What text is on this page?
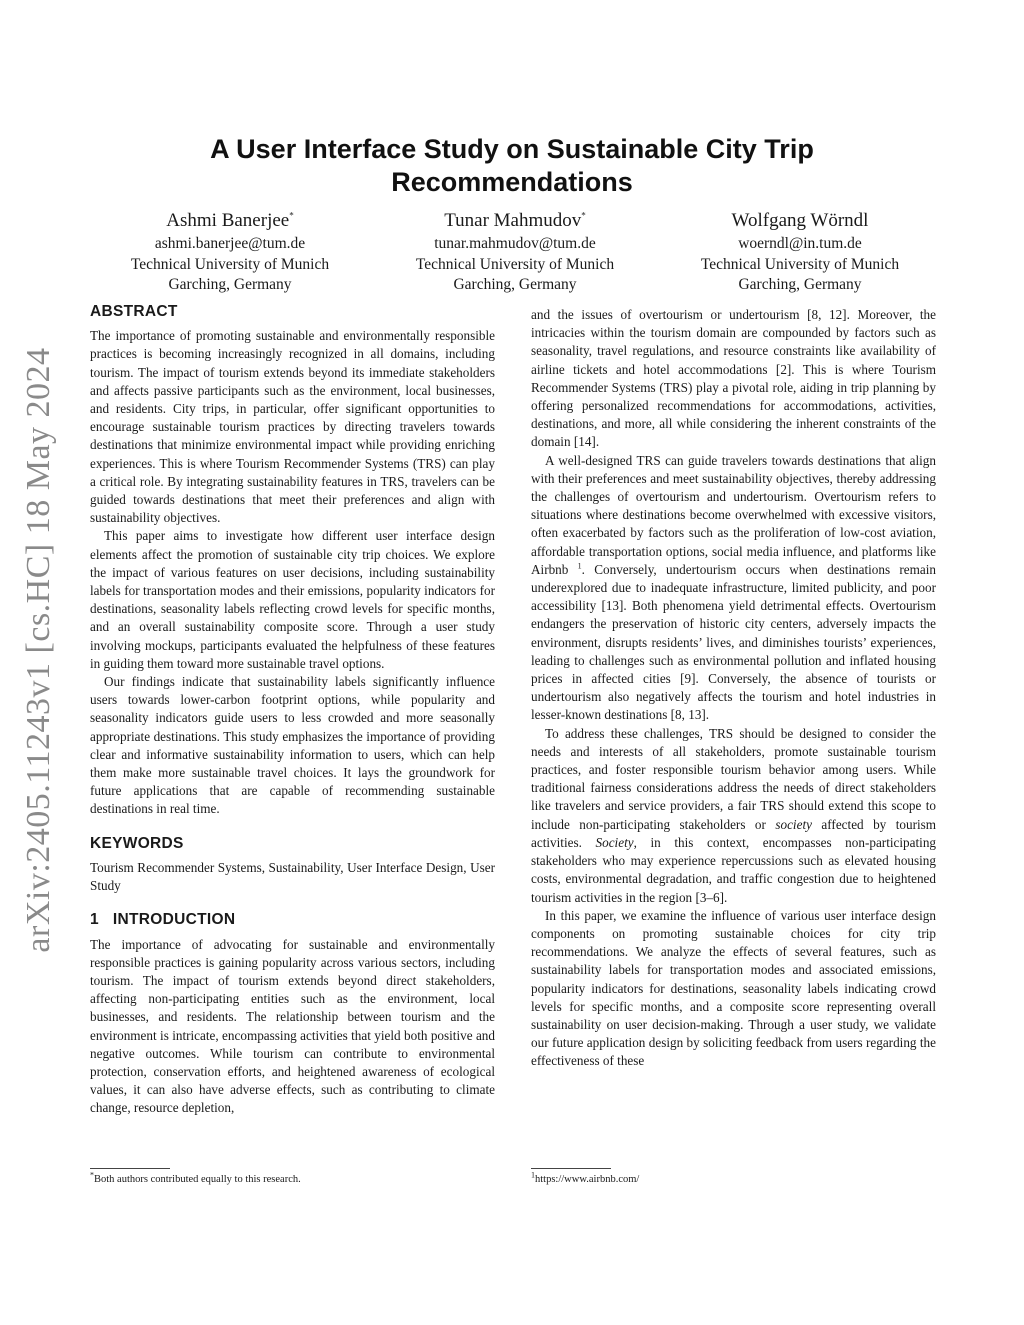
arXiv:2405.11243v1 [cs.HC] 18 May 2024
A User Interface Study on Sustainable City Trip Recommendations
Ashmi Banerjee*
ashmi.banerjee@tum.de
Technical University of Munich
Garching, Germany
Tunar Mahmudov*
tunar.mahmudov@tum.de
Technical University of Munich
Garching, Germany
Wolfgang Wörndl
woerndl@in.tum.de
Technical University of Munich
Garching, Germany
ABSTRACT

The importance of promoting sustainable and environmentally responsible practices is becoming increasingly recognized in all domains, including tourism. The impact of tourism extends beyond its immediate stakeholders and affects passive participants such as the environment, local businesses, and residents. City trips, in particular, offer significant opportunities to encourage sustainable tourism practices by directing travelers towards destinations that minimize environmental impact while providing enriching experiences. This is where Tourism Recommender Systems (TRS) can play a critical role. By integrating sustainability features in TRS, travelers can be guided towards destinations that meet their preferences and align with sustainability objectives.

This paper aims to investigate how different user interface design elements affect the promotion of sustainable city trip choices. We explore the impact of various features on user decisions, including sustainability labels for transportation modes and their emissions, popularity indicators for destinations, seasonality labels reflecting crowd levels for specific months, and an overall sustainability composite score. Through a user study involving mockups, participants evaluated the helpfulness of these features in guiding them toward more sustainable travel options.

Our findings indicate that sustainability labels significantly influence users towards lower-carbon footprint options, while popularity and seasonality indicators guide users to less crowded and more seasonally appropriate destinations. This study emphasizes the importance of providing clear and informative sustainability information to users, which can help them make more sustainable travel choices. It lays the groundwork for future applications that are capable of recommending sustainable destinations in real time.

KEYWORDS

Tourism Recommender Systems, Sustainability, User Interface Design, User Study

1 INTRODUCTION

The importance of advocating for sustainable and environmentally responsible practices is gaining popularity across various sectors, including tourism. The impact of tourism extends beyond direct stakeholders, affecting non-participating entities such as the environment, local businesses, and residents. The relationship between tourism and the environment is intricate, encompassing activities that yield both positive and negative outcomes. While tourism can contribute to environmental protection, conservation efforts, and heightened awareness of ecological values, it can also have adverse effects, such as contributing to climate change, resource depletion,

and the issues of overtourism or undertourism [8, 12]. Moreover, the intricacies within the tourism domain are compounded by factors such as seasonality, travel regulations, and resource constraints like availability of airline tickets and hotel accommodations [2]. This is where Tourism Recommender Systems (TRS) play a pivotal role, aiding in trip planning by offering personalized recommendations for accommodations, activities, destinations, and more, all while considering the inherent constraints of the domain [14].

A well-designed TRS can guide travelers towards destinations that align with their preferences and meet sustainability objectives, thereby addressing the challenges of overtourism and undertourism. Overtourism refers to situations where destinations become overwhelmed with excessive visitors, often exacerbated by factors such as the proliferation of low-cost aviation, affordable transportation options, social media influence, and platforms like Airbnb $^1$. Conversely, undertourism occurs when destinations remain underexplored due to inadequate infrastructure, limited publicity, and poor accessibility [13]. Both phenomena yield detrimental effects. Overtourism endangers the preservation of historic city centers, adversely impacts the environment, disrupts residents’ lives, and diminishes tourists’ experiences, leading to challenges such as environmental pollution and inflated housing prices in affected cities [9]. Conversely, the absence of tourists or undertourism also negatively affects the tourism and hotel industries in lesser-known destinations [8, 13].

To address these challenges, TRS should be designed to consider the needs and interests of all stakeholders, promote sustainable tourism practices, and foster responsible tourism behavior among users. While traditional fairness considerations address the needs of direct stakeholders like travelers and service providers, a fair TRS should extend this scope to include non-participating stakeholders or society affected by tourism activities. Society, in this context, encompasses non-participating stakeholders who may experience repercussions such as elevated housing costs, environmental degradation, and traffic congestion due to heightened tourism activities in the region [3–6].

In this paper, we examine the influence of various user interface design components on promoting sustainable choices for city trip recommendations. We analyze the effects of several features, such as sustainability labels for transportation modes and associated emissions, popularity indicators for destinations, seasonality labels indicating crowd levels for specific months, and a composite score representing overall sustainability on user decision-making. Through a user study, we validate our future application design by soliciting feedback from users regarding the effectiveness of these

*Both authors contributed equally to this research.	$^1$https://www.airbnb.com/
